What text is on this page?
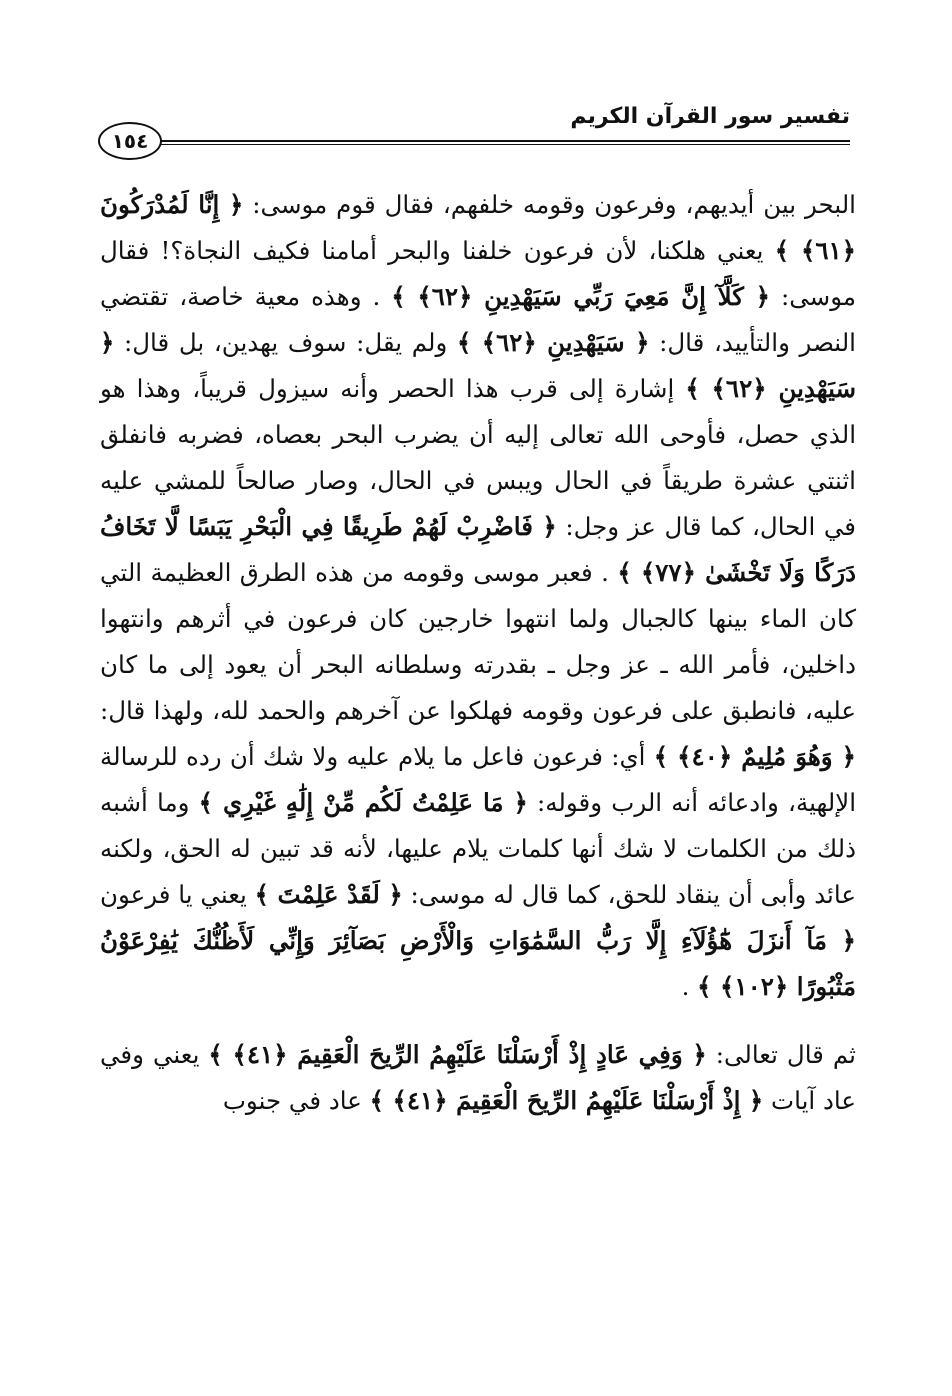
تفسير سور القرآن الكريم
١٥٤

البحر بين أيديهم، وفرعون وقومه خلفهم، فقال قوم موسى: ﴿ إِنَّا لَمُدْرَكُونَ ﴿٦١﴾ ﴾ يعني هلكنا، لأن فرعون خلفنا والبحر أمامنا فكيف النجاة؟! فقال موسى: ﴿ كَلَّآ إِنَّ مَعِيَ رَبِّي سَيَهْدِينِ ﴿٦٢﴾ ﴾ . وهذه معية خاصة، تقتضي النصر والتأييد، قال: ﴿ سَيَهْدِينِ ﴿٦٢﴾ ﴾ ولم يقل: سوف يهدين، بل قال: ﴿ سَيَهْدِينِ ﴿٦٢﴾ ﴾ إشارة إلى قرب هذا الحصر وأنه سيزول قريباً، وهذا هو الذي حصل، فأوحى الله تعالى إليه أن يضرب البحر بعصاه، فضربه فانفلق اثنتي عشرة طريقاً في الحال ويبس في الحال، وصار صالحاً للمشي عليه في الحال، كما قال عز وجل: ﴿ فَاضْرِبْ لَهُمْ طَرِيقًا فِي الْبَحْرِ يَبَسًا لَّا تَخَافُ دَرَكًا وَلَا تَخْشَىٰ ﴿٧٧﴾ ﴾ . فعبر موسى وقومه من هذه الطرق العظيمة التي كان الماء بينها كالجبال ولما انتهوا خارجين كان فرعون في أثرهم وانتهوا داخلين، فأمر الله ـ عز وجل ـ بقدرته وسلطانه البحر أن يعود إلى ما كان عليه، فانطبق على فرعون وقومه فهلكوا عن آخرهم والحمد لله، ولهذا قال: ﴿ وَهُوَ مُلِيمٌ ﴿٤٠﴾ ﴾ أي: فرعون فاعل ما يلام عليه ولا شك أن رده للرسالة الإلهية، وادعائه أنه الرب وقوله: ﴿ مَا عَلِمْتُ لَكُم مِّنْ إِلَٰهٍ غَيْرِي ﴾ وما أشبه ذلك من الكلمات لا شك أنها كلمات يلام عليها، لأنه قد تبين له الحق، ولكنه عائد وأبى أن ينقاد للحق، كما قال له موسى: ﴿ لَقَدْ عَلِمْتَ ﴾ يعني يا فرعون ﴿ مَآ أَنزَلَ هَٰٓؤُلَآءِ إِلَّا رَبُّ السَّمَٰوَاتِ وَالْأَرْضِ بَصَآئِرَ وَإِنِّي لَأَظُنُّكَ يَٰفِرْعَوْنُ مَثْبُورًا ﴿١٠٢﴾ ﴾ .

ثم قال تعالى: ﴿ وَفِي عَادٍ إِذْ أَرْسَلْنَا عَلَيْهِمُ الرِّيحَ الْعَقِيمَ ﴿٤١﴾ ﴾ يعني وفي عاد آيات ﴿ إِذْ أَرْسَلْنَا عَلَيْهِمُ الرِّيحَ الْعَقِيمَ ﴿٤١﴾ ﴾ عاد في جنوب
